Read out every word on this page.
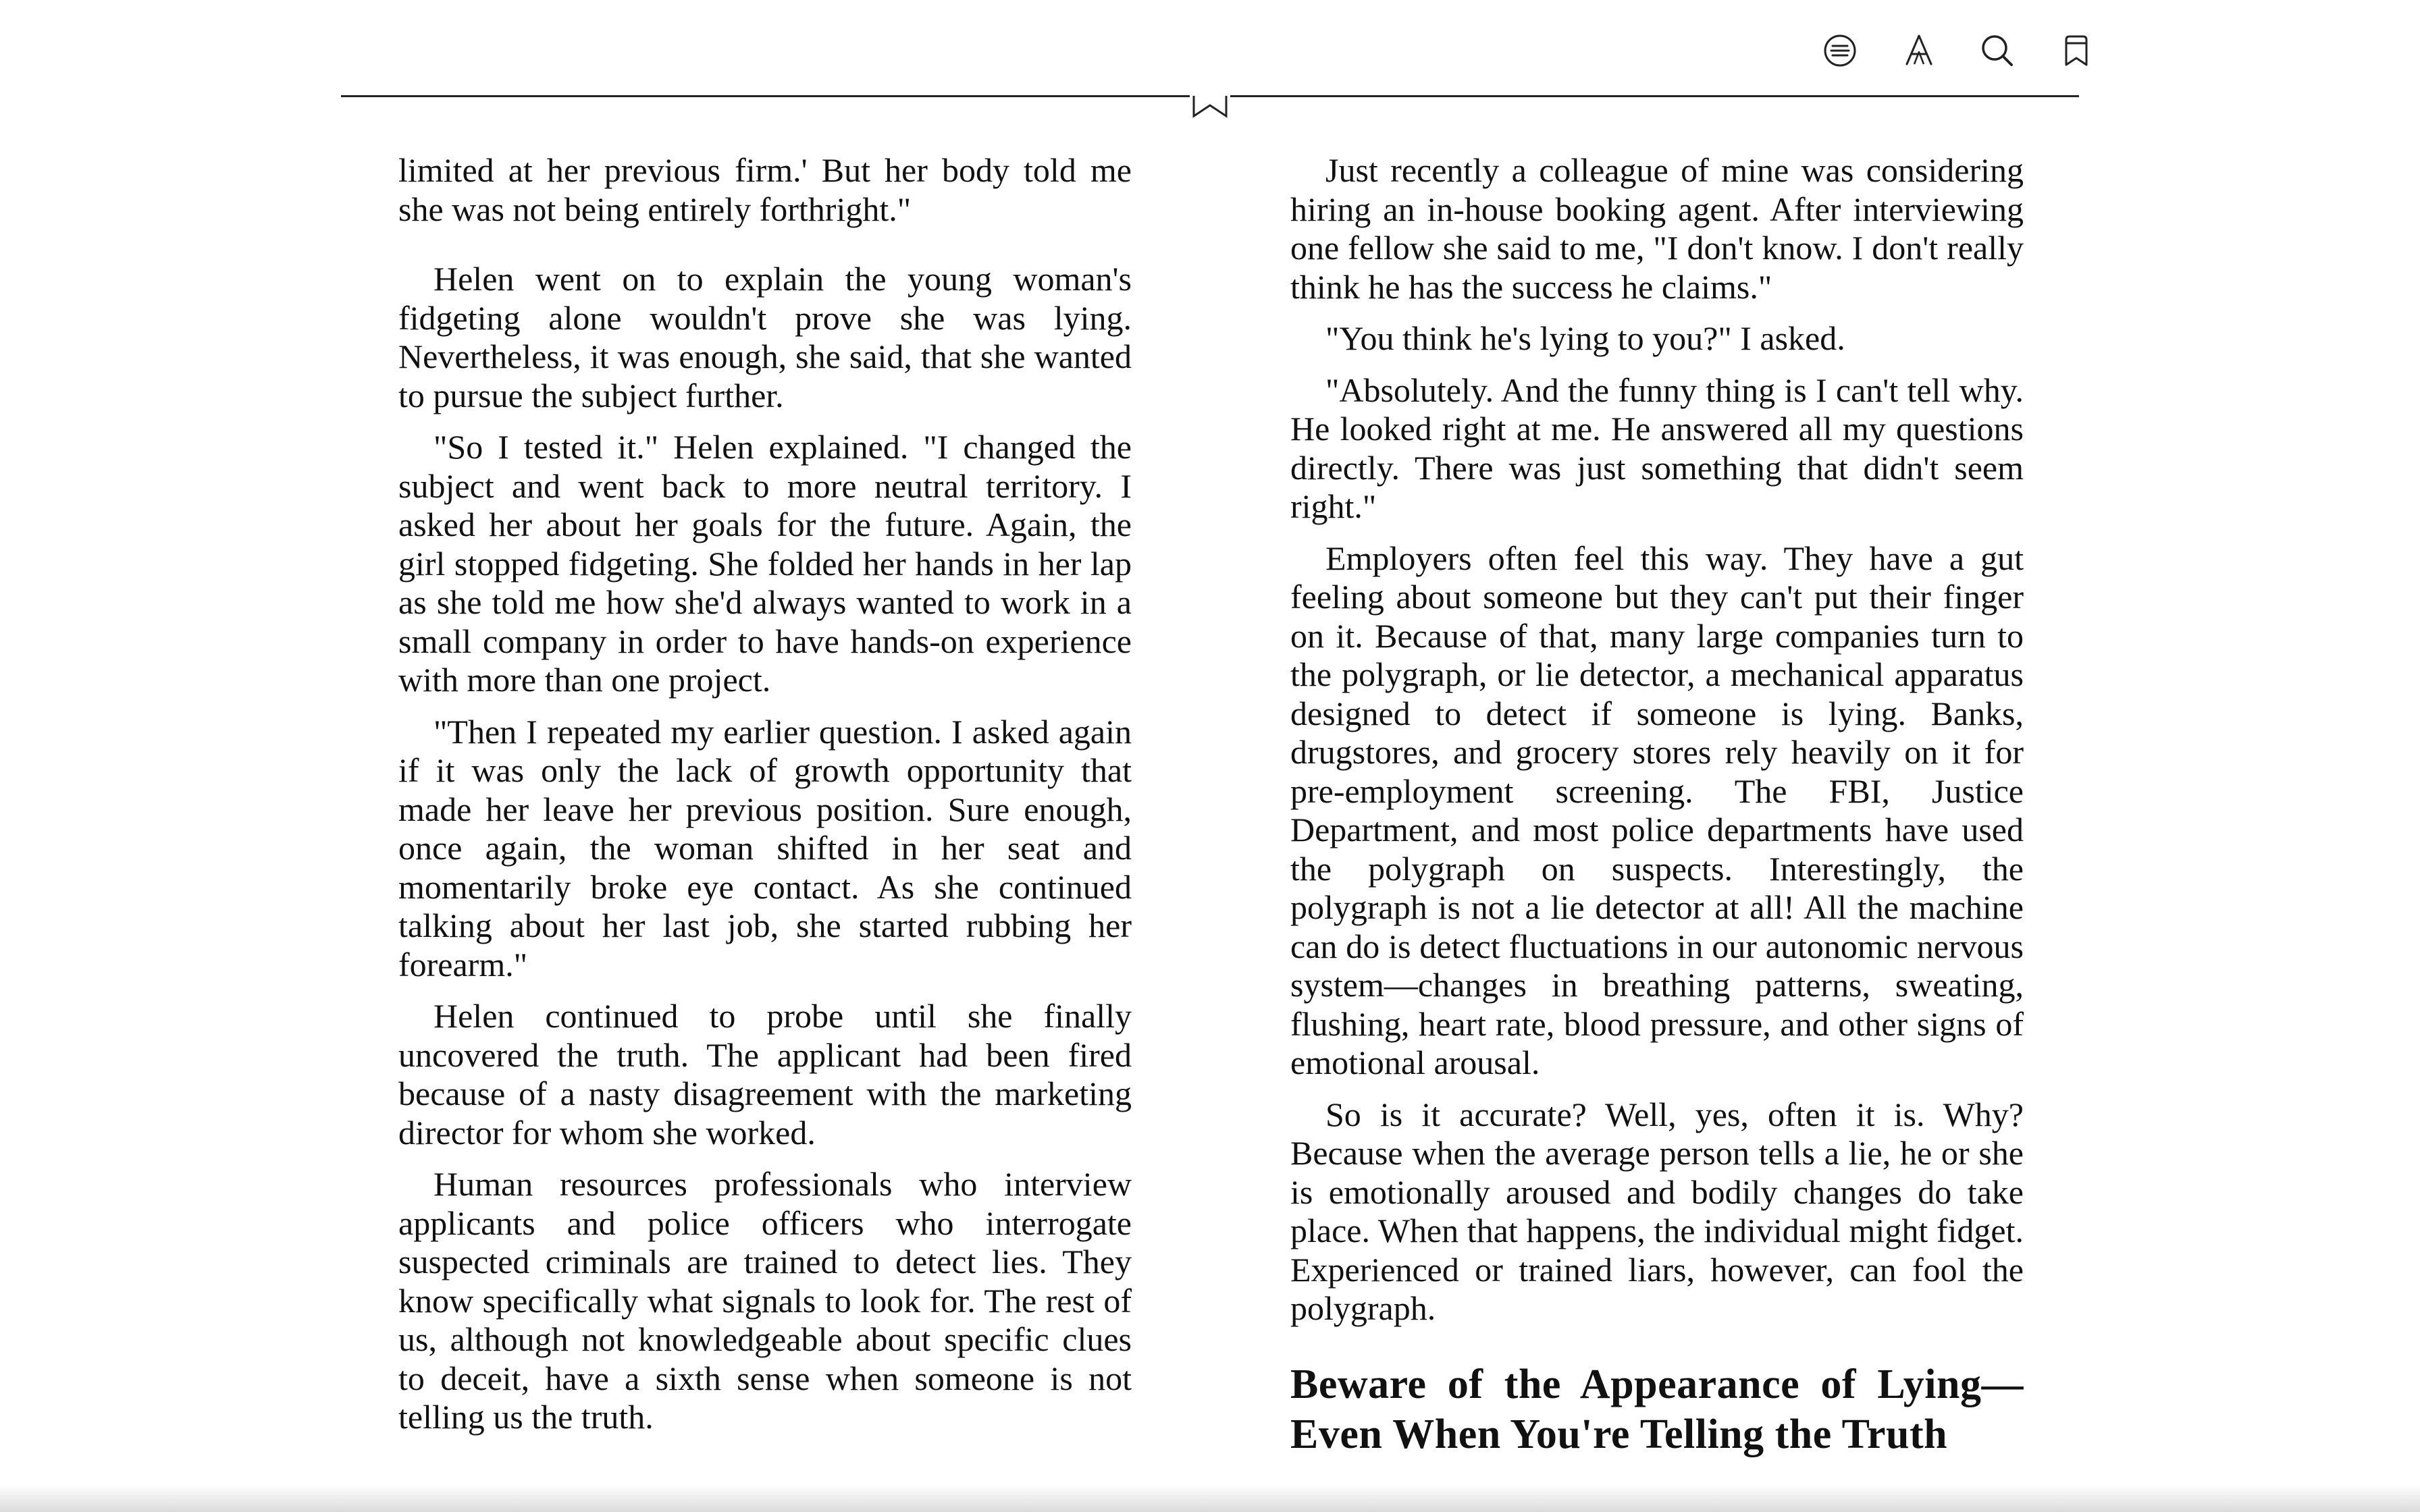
limited at her previous firm.' But her body told me she was not being entirely forthright."

Helen went on to explain the young woman's fidgeting alone wouldn't prove she was lying. Nevertheless, it was enough, she said, that she wanted to pursue the subject further.

"So I tested it." Helen explained. "I changed the subject and went back to more neutral territory. I asked her about her goals for the future. Again, the girl stopped fidgeting. She folded her hands in her lap as she told me how she'd always wanted to work in a small company in order to have hands-on experience with more than one project.

"Then I repeated my earlier question. I asked again if it was only the lack of growth opportunity that made her leave her previous position. Sure enough, once again, the woman shifted in her seat and momentarily broke eye contact. As she continued talking about her last job, she started rubbing her forearm."

Helen continued to probe until she finally uncovered the truth. The applicant had been fired because of a nasty disagreement with the marketing director for whom she worked.

Human resources professionals who interview applicants and police officers who interrogate suspected criminals are trained to detect lies. They know specifically what signals to look for. The rest of us, although not knowledgeable about specific clues to deceit, have a sixth sense when someone is not telling us the truth.

Just recently a colleague of mine was considering hiring an in-house booking agent. After interviewing one fellow she said to me, "I don't know. I don't really think he has the success he claims."

"You think he's lying to you?" I asked.

"Absolutely. And the funny thing is I can't tell why. He looked right at me. He answered all my questions directly. There was just something that didn't seem right."

Employers often feel this way. They have a gut feeling about someone but they can't put their finger on it. Because of that, many large companies turn to the polygraph, or lie detector, a mechanical apparatus designed to detect if someone is lying. Banks, drugstores, and grocery stores rely heavily on it for pre-employment screening. The FBI, Justice Department, and most police departments have used the polygraph on suspects. Interestingly, the polygraph is not a lie detector at all! All the machine can do is detect fluctuations in our autonomic nervous system—changes in breathing patterns, sweating, flushing, heart rate, blood pressure, and other signs of emotional arousal.

So is it accurate? Well, yes, often it is. Why? Because when the average person tells a lie, he or she is emotionally aroused and bodily changes do take place. When that happens, the individual might fidget. Experienced or trained liars, however, can fool the polygraph.

Beware of the Appearance of Lying—Even When You're Telling the Truth
